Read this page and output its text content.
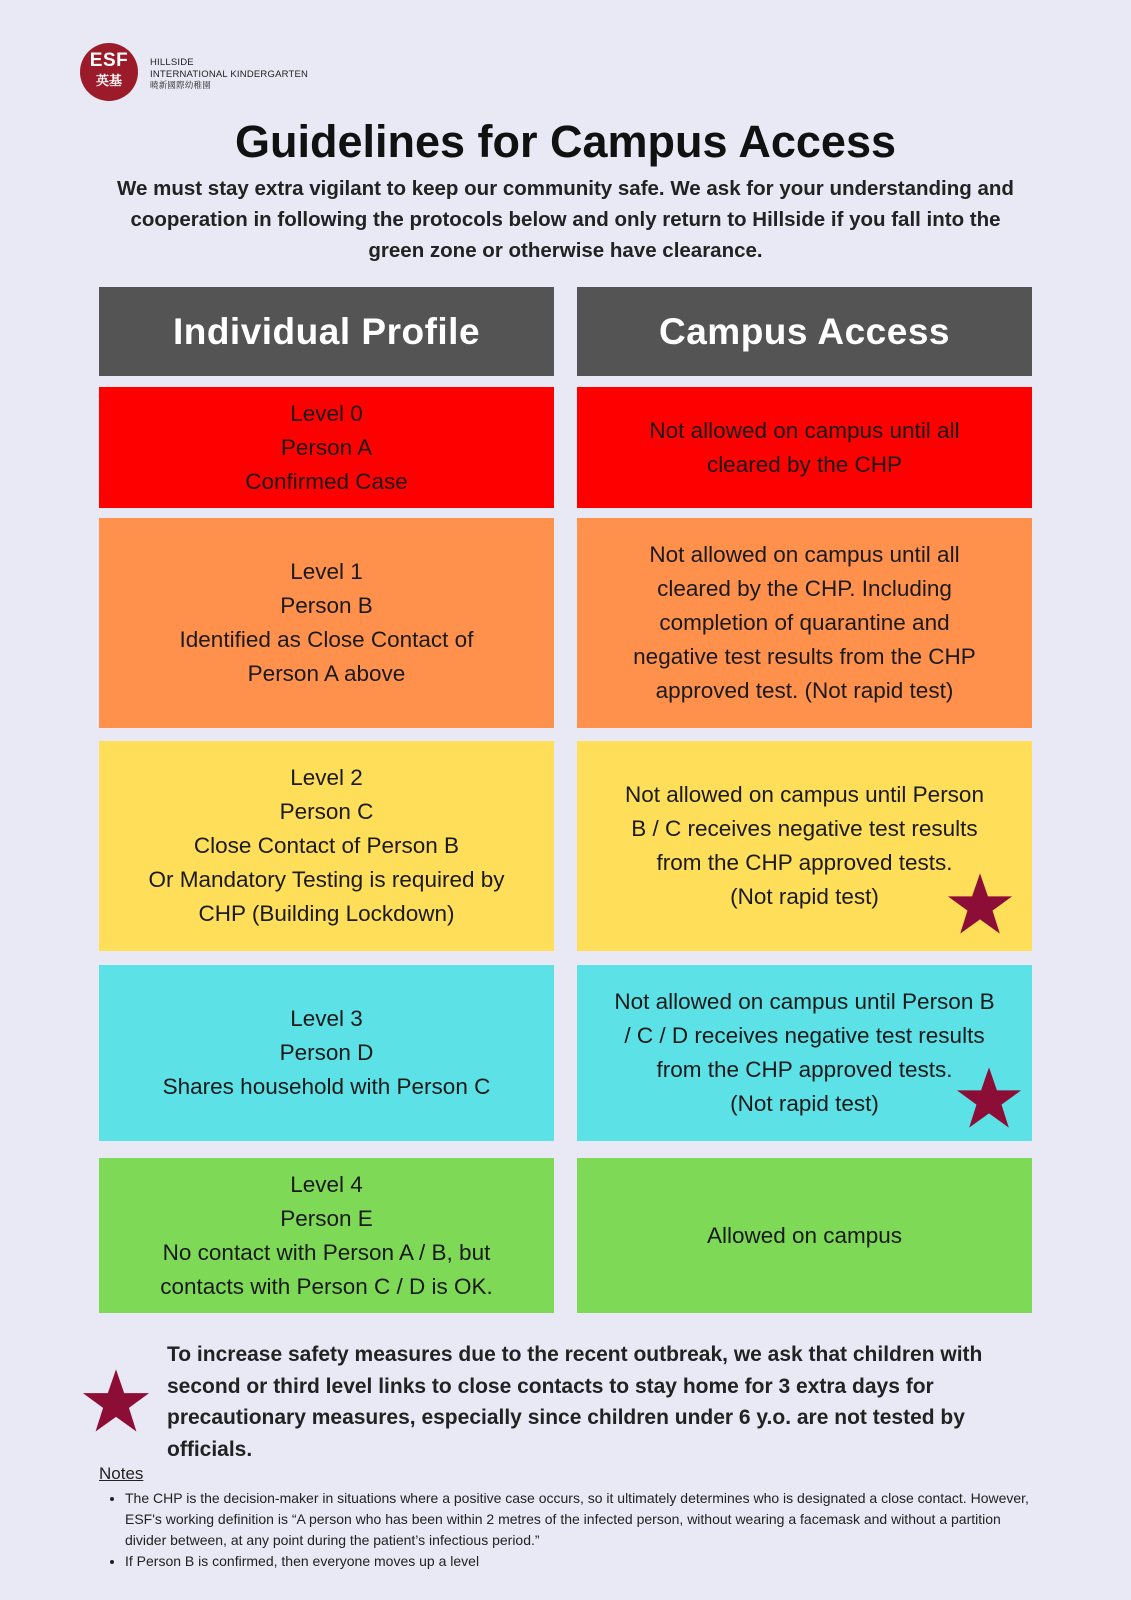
ESF
英基
HILLSIDE
INTERNATIONAL KINDERGARTEN
曉新國際幼稚園
Guidelines for Campus Access
We must stay extra vigilant to keep our community safe. We ask for your understanding and cooperation in following the protocols below and only return to Hillside if you fall into the green zone or otherwise have clearance.
Individual Profile	Campus Access
Level 0
Person A
Confirmed Case
Not allowed on campus until all
cleared by the CHP
Level 1
Person B
Identified as Close Contact of
Person A above
Not allowed on campus until all
cleared by the CHP. Including
completion of quarantine and
negative test results from the CHP
approved test. (Not rapid test)
Level 2
Person C
Close Contact of Person B
Or Mandatory Testing is required by
CHP (Building Lockdown)
Not allowed on campus until Person
B / C receives negative test results
from the CHP approved tests.
(Not rapid test)
Level 3
Person D
Shares household with Person C
Not allowed on campus until Person B
/ C / D receives negative test results
from the CHP approved tests.
(Not rapid test)
Level 4
Person E
No contact with Person A / B, but
contacts with Person C / D is OK.
Allowed on campus
To increase safety measures due to the recent outbreak, we ask that children with second or third level links to close contacts to stay home for 3 extra days for precautionary measures, especially since children under 6 y.o. are not tested by officials.
Notes
• The CHP is the decision-maker in situations where a positive case occurs, so it ultimately determines who is designated a close contact. However, ESF's working definition is “A person who has been within 2 metres of the infected person, without wearing a facemask and without a partition divider between, at any point during the patient’s infectious period.”
• If Person B is confirmed, then everyone moves up a level
